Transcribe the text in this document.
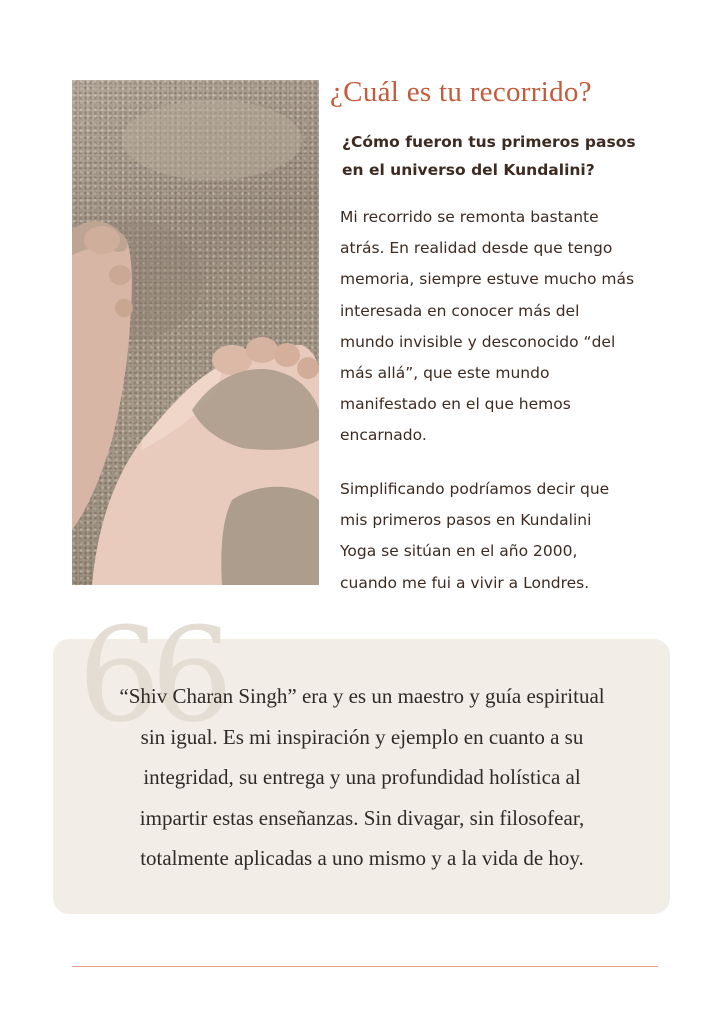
¿Cuál es tu recorrido?
¿Cómo fueron tus primeros pasos
en el universo del Kundalini?
Mi recorrido se remonta bastante
atrás. En realidad desde que tengo
memoria, siempre estuve mucho más
interesada en conocer más del
mundo invisible y desconocido “del
más allá”, que este mundo
manifestado en el que hemos
encarnado.
Simplificando podríamos decir que
mis primeros pasos en Kundalini
Yoga se sitúan en el año 2000,
cuando me fui a vivir a Londres.
66
“Shiv Charan Singh” era y es un maestro y guía espiritual
sin igual. Es mi inspiración y ejemplo en cuanto a su
integridad, su entrega y una profundidad holística al
impartir estas enseñanzas. Sin divagar, sin filosofear,
totalmente aplicadas a uno mismo y a la vida de hoy.
